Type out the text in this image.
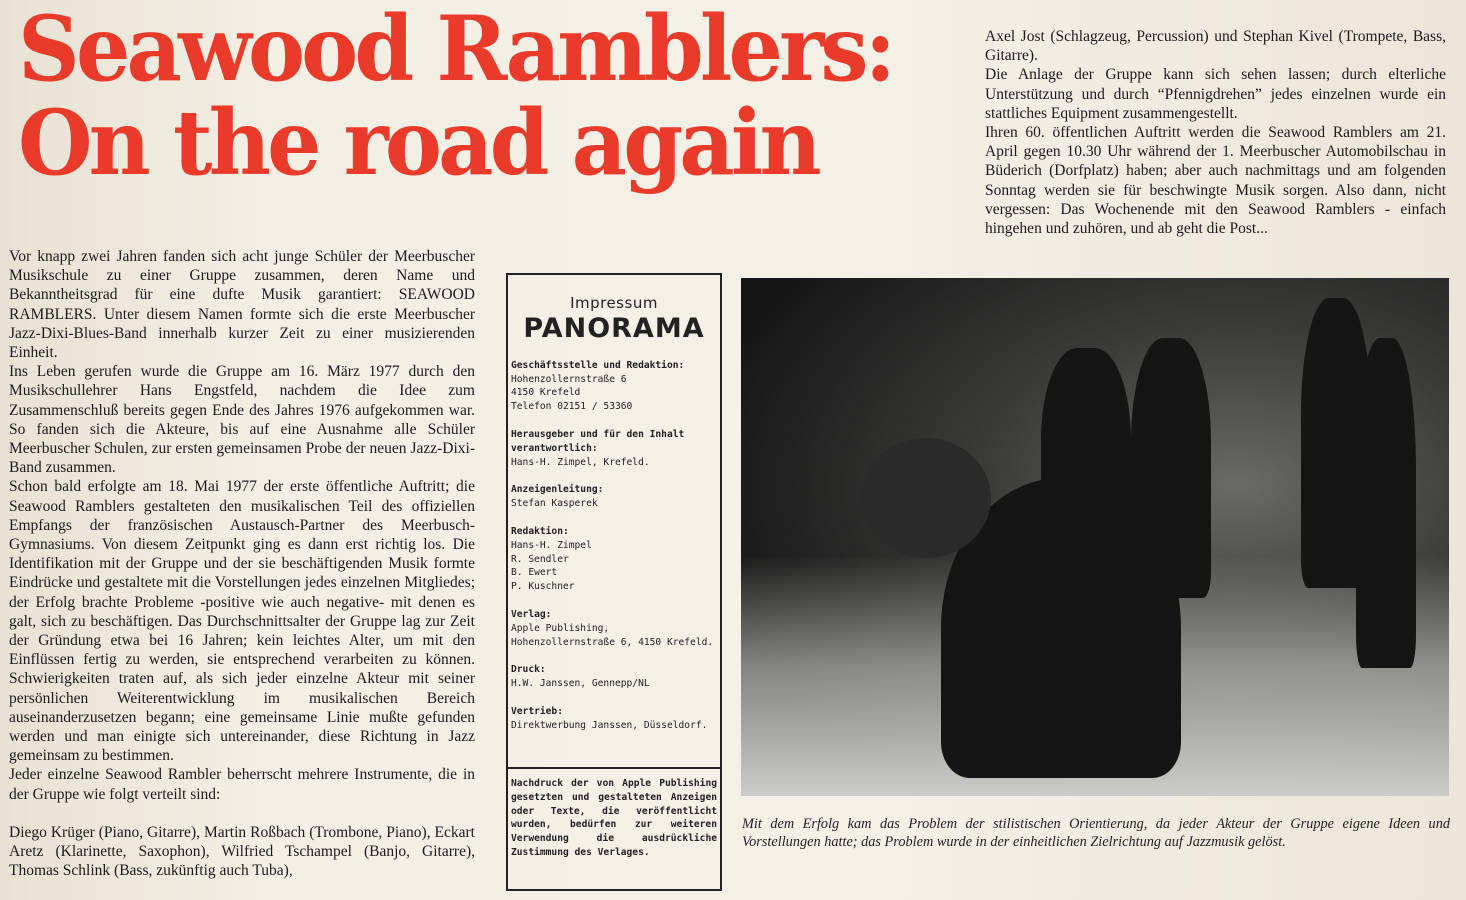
Seawood Ramblers:
On the road again

Vor knapp zwei Jahren fanden sich acht junge Schüler der Meerbuscher Musikschule zu einer Gruppe zusammen, deren Name und Bekanntheitsgrad für eine dufte Musik garantiert: SEAWOOD RAMBLERS. Unter diesem Namen formte sich die erste Meerbuscher Jazz-Dixi-Blues-Band innerhalb kurzer Zeit zu einer musizierenden Einheit.

Ins Leben gerufen wurde die Gruppe am 16. März 1977 durch den Musikschullehrer Hans Engstfeld, nachdem die Idee zum Zusammenschluß bereits gegen Ende des Jahres 1976 aufgekommen war. So fanden sich die Akteure, bis auf eine Ausnahme alle Schüler Meerbuscher Schulen, zur ersten gemeinsamen Probe der neuen Jazz-Dixi-Band zusammen.

Schon bald erfolgte am 18. Mai 1977 der erste öffentliche Auftritt; die Seawood Ramblers gestalteten den musikalischen Teil des offiziellen Empfangs der französischen Austausch-Partner des Meerbusch-Gymnasiums. Von diesem Zeitpunkt ging es dann erst richtig los. Die Identifikation mit der Gruppe und der sie beschäftigenden Musik formte Eindrücke und gestaltete mit die Vorstellungen jedes einzelnen Mitgliedes; der Erfolg brachte Probleme -positive wie auch negative- mit denen es galt, sich zu beschäftigen. Das Durchschnittsalter der Gruppe lag zur Zeit der Gründung etwa bei 16 Jahren; kein leichtes Alter, um mit den Einflüssen fertig zu werden, sie entsprechend verarbeiten zu können. Schwierigkeiten traten auf, als sich jeder einzelne Akteur mit seiner persönlichen Weiterentwicklung im musikalischen Bereich auseinanderzusetzen begann; eine gemeinsame Linie mußte gefunden werden und man einigte sich untereinander, diese Richtung in Jazz gemeinsam zu bestimmen.

Jeder einzelne Seawood Rambler beherrscht mehrere Instrumente, die in der Gruppe wie folgt verteilt sind:

Diego Krüger (Piano, Gitarre), Martin Roßbach (Trombone, Piano), Eckart Aretz (Klarinette, Saxophon), Wilfried Tschampel (Banjo, Gitarre), Thomas Schlink (Bass, zukünftig auch Tuba),

Impressum
PANORAMA
Geschäftsstelle und Redaktion:
Hohenzollernstraße 6
4150 Krefeld
Telefon 02151 / 53360
Herausgeber und für den Inhalt verantwortlich:
Hans-H. Zimpel, Krefeld.
Anzeigenleitung:
Stefan Kasperek
Redaktion:
Hans-H. Zimpel
R. Sendler
B. Ewert
P. Kuschner
Verlag:
Apple Publishing, Hohenzollernstraße 6, 4150 Krefeld.
Druck:
H.W. Janssen, Gennepp/NL
Vertrieb:
Direktwerbung Janssen, Düsseldorf.
Nachdruck der von Apple Publishing gesetzten und gestalteten Anzeigen oder Texte, die veröffentlicht wurden, bedürfen zur weiteren Verwendung die ausdrückliche Zustimmung des Verlages.
Mit dem Erfolg kam das Problem der stilistischen Orientierung, da jeder Akteur der Gruppe eigene Ideen und Vorstellungen hatte; das Problem wurde in der einheitlichen Zielrichtung auf Jazzmusik gelöst.

Axel Jost (Schlagzeug, Percussion) und Stephan Kivel (Trompete, Bass, Gitarre).

Die Anlage der Gruppe kann sich sehen lassen; durch elterliche Unterstützung und durch “Pfennigdrehen” jedes einzelnen wurde ein stattliches Equipment zusammengestellt.

Ihren 60. öffentlichen Auftritt werden die Seawood Ramblers am 21. April gegen 10.30 Uhr während der 1. Meerbuscher Automobilschau in Büderich (Dorfplatz) haben; aber auch nachmittags und am folgenden Sonntag werden sie für beschwingte Musik sorgen. Also dann, nicht vergessen: Das Wochenende mit den Seawood Ramblers - einfach hingehen und zuhören, und ab geht die Post...
